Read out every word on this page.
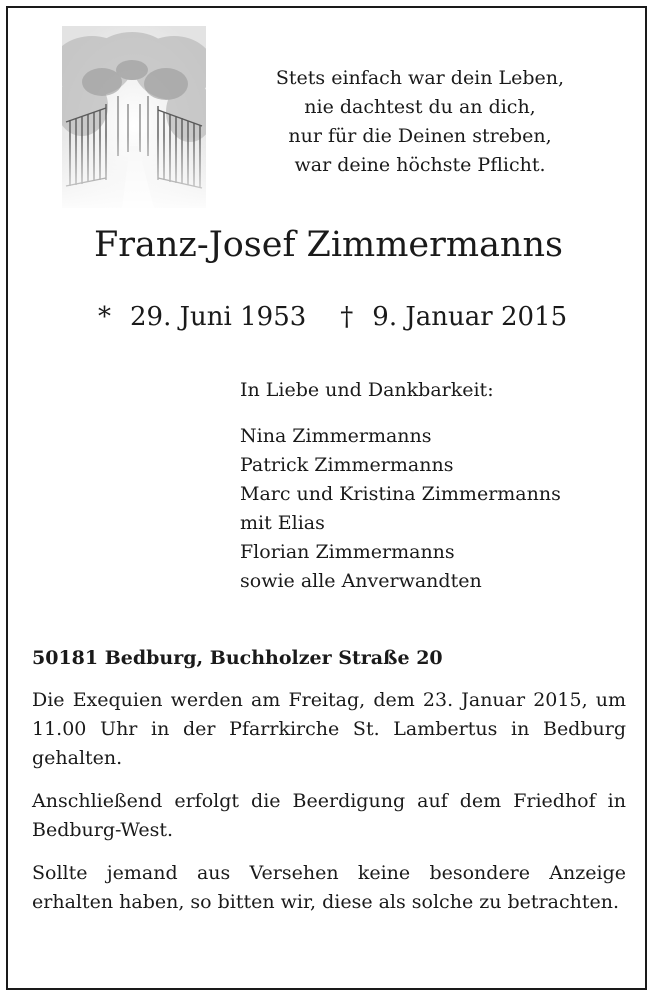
Stets einfach war dein Leben,
nie dachtest du an dich,
nur für die Deinen streben,
war deine höchste Pflicht.
Franz-Josef Zimmermanns
* 29. Juni 1953 † 9. Januar 2015
In Liebe und Dankbarkeit:
Nina Zimmermanns
Patrick Zimmermanns
Marc und Kristina Zimmermanns
mit Elias
Florian Zimmermanns
sowie alle Anverwandten
50181 Bedburg, Buchholzer Straße 20
Die Exequien werden am Freitag, dem 23. Januar 2015, um 11.00 Uhr in der Pfarrkirche St. Lambertus in Bedburg gehalten.
Anschließend erfolgt die Beerdigung auf dem Friedhof in Bedburg-West.
Sollte jemand aus Versehen keine besondere Anzeige erhalten haben, so bitten wir, diese als solche zu betrachten.
